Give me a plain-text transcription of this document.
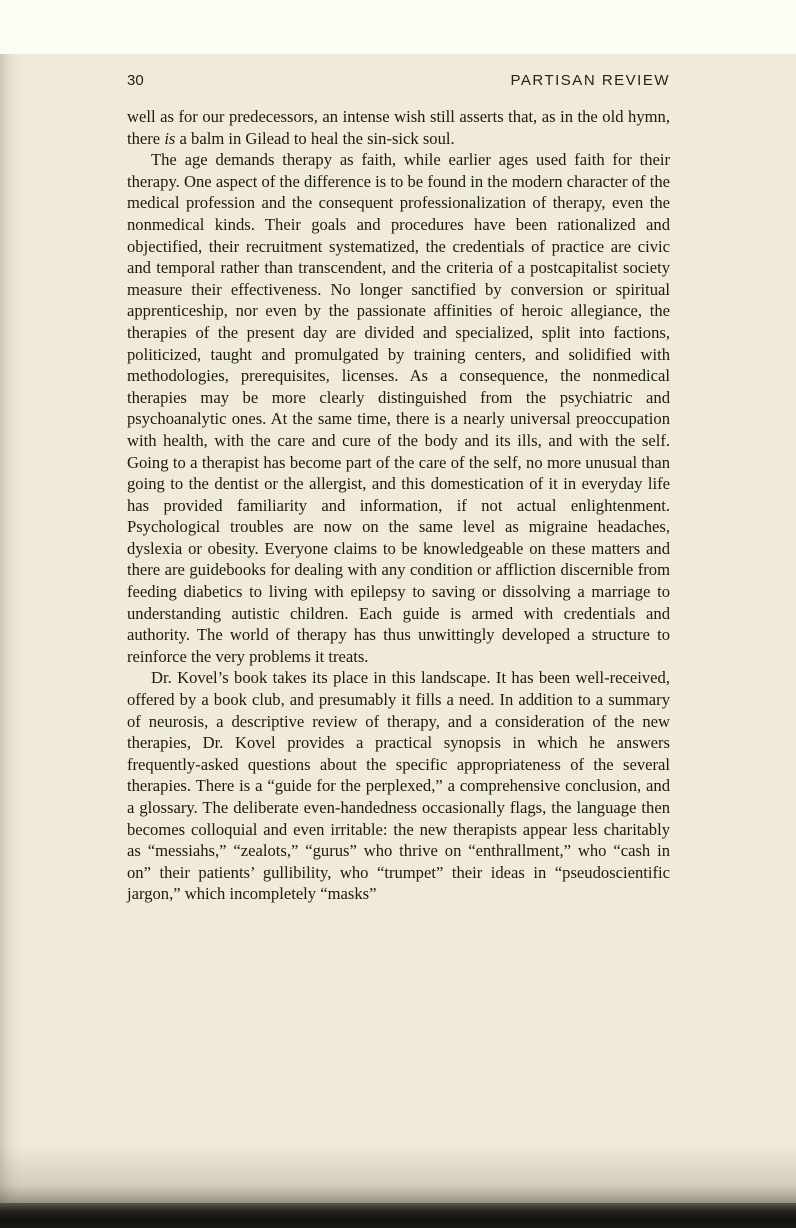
30	PARTISAN REVIEW

well as for our predecessors, an intense wish still asserts that, as in the old hymn, there is a balm in Gilead to heal the sin-sick soul.

The age demands therapy as faith, while earlier ages used faith for their therapy. One aspect of the difference is to be found in the modern character of the medical profession and the consequent professionalization of therapy, even the nonmedical kinds. Their goals and procedures have been rationalized and objectified, their recruitment systematized, the credentials of practice are civic and temporal rather than transcendent, and the criteria of a postcapitalist society measure their effectiveness. No longer sanctified by conversion or spiritual apprenticeship, nor even by the passionate affinities of heroic allegiance, the therapies of the present day are divided and specialized, split into factions, politicized, taught and promulgated by training centers, and solidified with methodologies, prerequisites, licenses. As a consequence, the nonmedical therapies may be more clearly distinguished from the psychiatric and psychoanalytic ones. At the same time, there is a nearly universal preoccupation with health, with the care and cure of the body and its ills, and with the self. Going to a therapist has become part of the care of the self, no more unusual than going to the dentist or the allergist, and this domestication of it in everyday life has provided familiarity and information, if not actual enlightenment. Psychological troubles are now on the same level as migraine headaches, dyslexia or obesity. Everyone claims to be knowledgeable on these matters and there are guidebooks for dealing with any condition or affliction discernible from feeding diabetics to living with epilepsy to saving or dissolving a marriage to understanding autistic children. Each guide is armed with credentials and authority. The world of therapy has thus unwittingly developed a structure to reinforce the very problems it treats.

Dr. Kovel’s book takes its place in this landscape. It has been well-received, offered by a book club, and presumably it fills a need. In addition to a summary of neurosis, a descriptive review of therapy, and a consideration of the new therapies, Dr. Kovel provides a practical synopsis in which he answers frequently-asked questions about the specific appropriateness of the several therapies. There is a “guide for the perplexed,” a comprehensive conclusion, and a glossary. The deliberate even-handedness occasionally flags, the language then becomes colloquial and even irritable: the new therapists appear less charitably as “messiahs,” “zealots,” “gurus” who thrive on “enthrallment,” who “cash in on” their patients’ gullibility, who “trumpet” their ideas in “pseudoscientific jargon,” which incompletely “masks”
